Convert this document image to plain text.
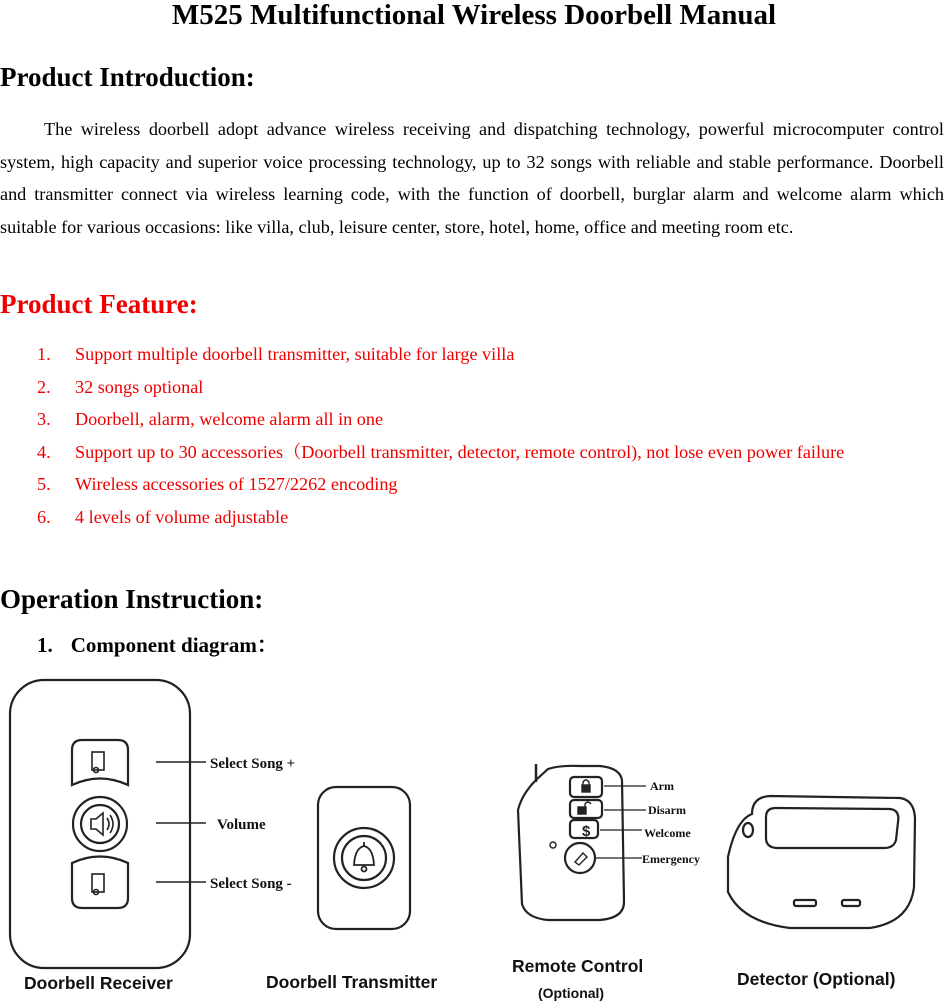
M525 Multifunctional Wireless Doorbell Manual
Product Introduction:

The wireless doorbell adopt advance wireless receiving and dispatching technology, powerful microcomputer control system, high capacity and superior voice processing technology, up to 32 songs with reliable and stable performance. Doorbell and transmitter connect via wireless learning code, with the function of doorbell, burglar alarm and welcome alarm which suitable for various occasions: like villa, club, leisure center, store, hotel, home, office and meeting room etc.

Product Feature:
1. Support multiple doorbell transmitter, suitable for large villa
2. 32 songs optional
3. Doorbell, alarm, welcome alarm all in one
4.	Support up to 30 accessories（Doorbell transmitter, detector, remote control), not lose even power failure
5. Wireless accessories of 1527/2262 encoding
6. 4 levels of volume adjustable
Operation Instruction:
1. Component diagram：
$
Select Song +
Volume
Select Song -
Arm
Disarm
Welcome
Emergency
Doorbell Receiver	Doorbell Transmitter
Remote Control
(Optional)
Detector (Optional)
